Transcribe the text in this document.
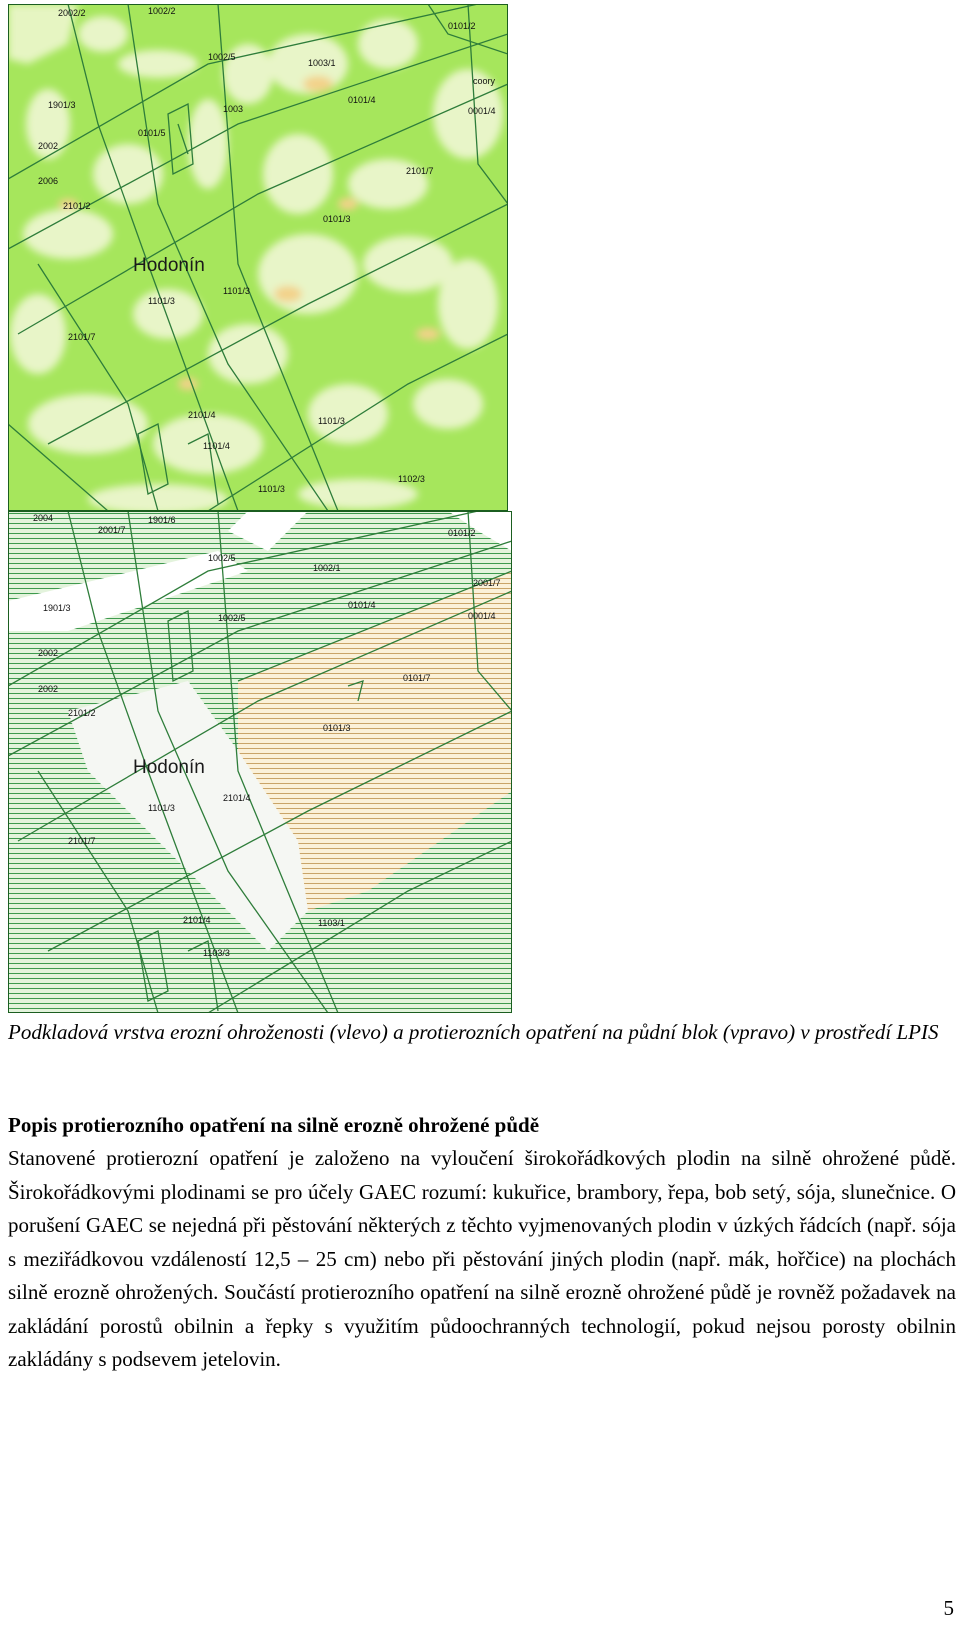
2002/2
1901/3
1002/2
0101/2
1002/5
1003/1
coory
0101/4
0001/4
2002
1003
0101/5
2101/7
2101/2
0101/3
2006
1101/3
1101/3
2101/7
1101/3
2101/4
1101/4
1101/3
1102/3
Hodonín
2004	1901/6
2001/7	0101/2
1002/5
1002/1
2001/7
1901/3	0101/4
0001/4
1002/5
2002
0101/7
2002
0101/3
2101/2
2101/7
1103/1
1101/3
2101/4
2101/4
1103/3
Hodonín
Podkladová vrstva erozní ohroženosti (vlevo) a protierozních opatření na půdní blok (vpravo) v prostředí LPIS
Popis protierozního opatření na silně erozně ohrožené půdě
Stanovené protierozní opatření je založeno na vyloučení širokořádkových plodin na silně ohrožené půdě. Širokořádkovými plodinami se pro účely GAEC rozumí: kukuřice, brambory, řepa, bob setý, sója, slunečnice. O porušení GAEC se nejedná při pěstování některých z těchto vyjmenovaných plodin v úzkých řádcích (např. sója s meziřádkovou vzdáleností 12,5 – 25 cm) nebo při pěstování jiných plodin (např. mák, hořčice) na plochách silně erozně ohrožených. Součástí protierozního opatření na silně erozně ohrožené půdě je rovněž požadavek na zakládání porostů obilnin a řepky s využitím půdoochranných technologií, pokud nejsou porosty obilnin zakládány s podsevem jetelovin.
5
